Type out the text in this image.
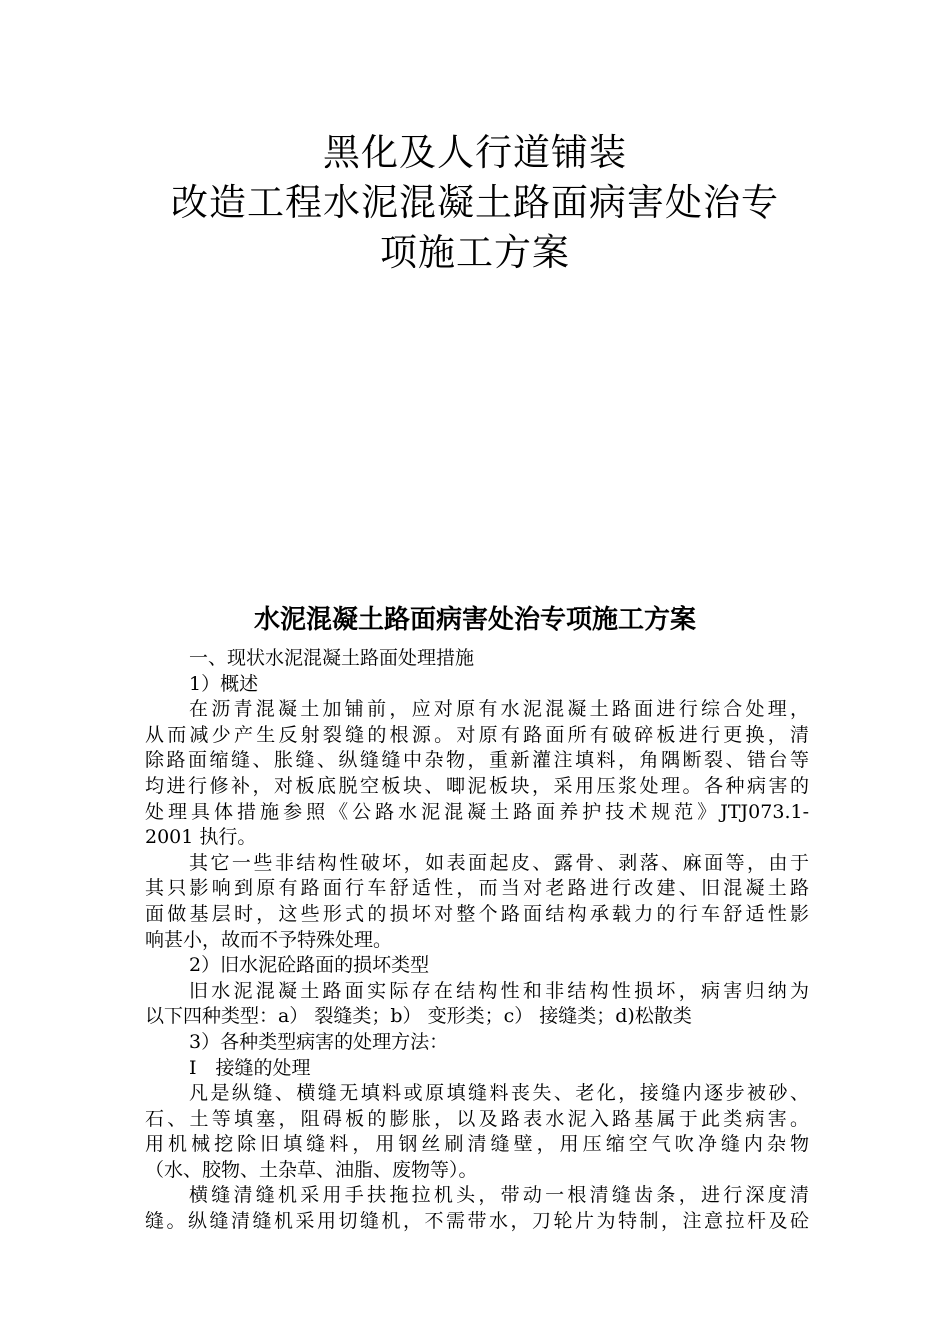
黑化及人行道铺装
改造工程水泥混凝土路面病害处治专
项施工方案
水泥混凝土路面病害处治专项施工方案
一、现状水泥混凝土路面处理措施
1）概述
在沥青混凝土加铺前，应对原有水泥混凝土路面进行综合处理，
从而减少产生反射裂缝的根源。对原有路面所有破碎板进行更换，清
除路面缩缝、胀缝、纵缝缝中杂物，重新灌注填料，角隅断裂、错台等
均进行修补，对板底脱空板块、唧泥板块，采用压浆处理。各种病害的
处理具体措施参照《公路水泥混凝土路面养护技术规范》JTJ073.1-
2001 执行。
其它一些非结构性破坏，如表面起皮、露骨、剥落、麻面等，由于
其只影响到原有路面行车舒适性，而当对老路进行改建、旧混凝土路
面做基层时，这些形式的损坏对整个路面结构承载力的行车舒适性影
响甚小，故而不予特殊处理。
2）旧水泥砼路面的损坏类型
旧水泥混凝土路面实际存在结构性和非结构性损坏，病害归纳为
以下四种类型：a） 裂缝类；b） 变形类；c） 接缝类；d)松散类
3）各种类型病害的处理方法：
I　接缝的处理
凡是纵缝、横缝无填料或原填缝料丧失、老化，接缝内逐步被砂、
石、土等填塞，阻碍板的膨胀，以及路表水泥入路基属于此类病害。
用机械挖除旧填缝料，用钢丝刷清缝壁，用压缩空气吹净缝内杂物
（水、胶物、土杂草、油脂、废物等）。
横缝清缝机采用手扶拖拉机头，带动一根清缝齿条，进行深度清
缝。纵缝清缝机采用切缝机，不需带水，刀轮片为特制，注意拉杆及砼
